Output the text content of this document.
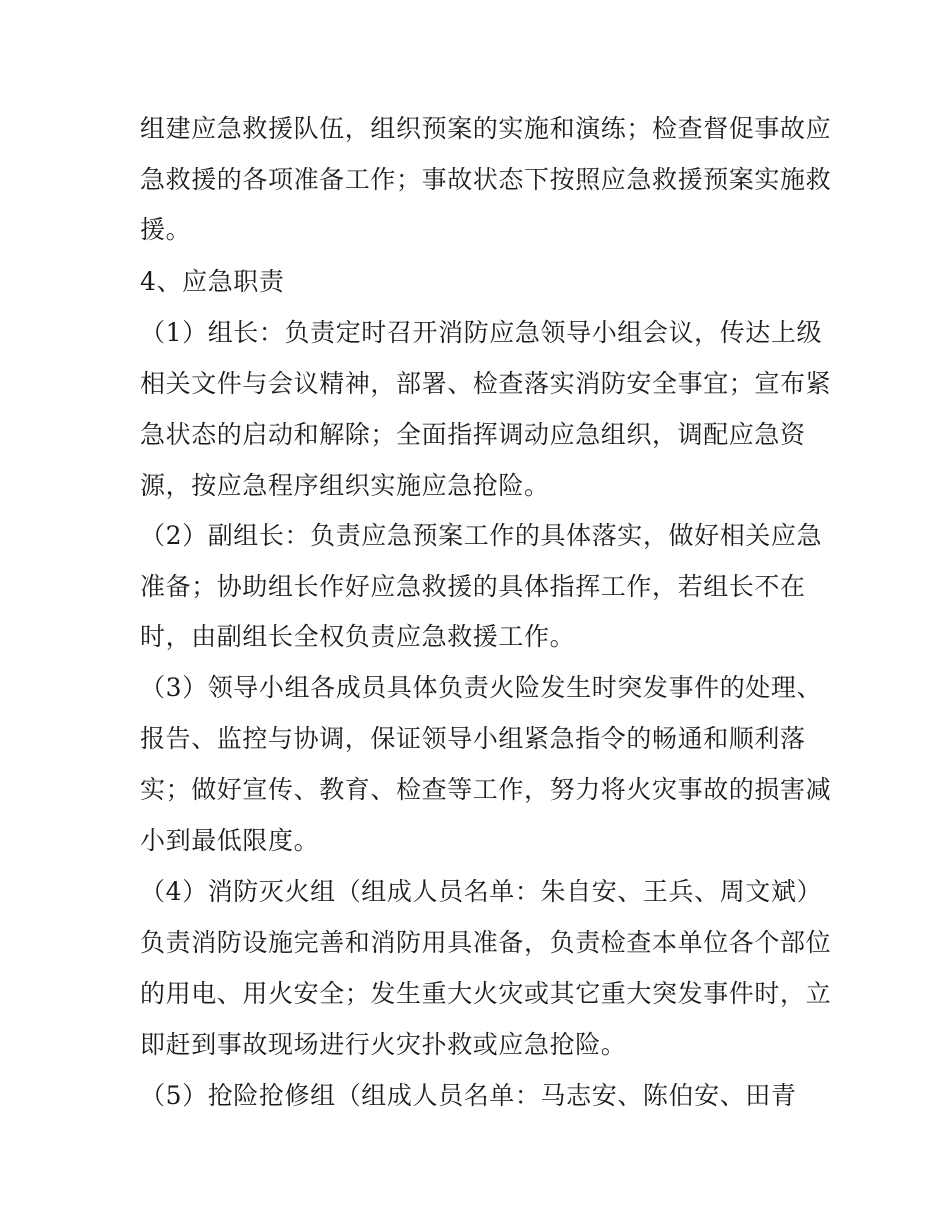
组建应急救援队伍，组织预案的实施和演练；检查督促事故应
急救援的各项准备工作；事故状态下按照应急救援预案实施救
援。
4、应急职责
（1）组长：负责定时召开消防应急领导小组会议，传达上级
相关文件与会议精神，部署、检查落实消防安全事宜；宣布紧
急状态的启动和解除；全面指挥调动应急组织，调配应急资
源，按应急程序组织实施应急抢险。
（2）副组长：负责应急预案工作的具体落实，做好相关应急
准备；协助组长作好应急救援的具体指挥工作，若组长不在
时，由副组长全权负责应急救援工作。
（3）领导小组各成员具体负责火险发生时突发事件的处理、
报告、监控与协调，保证领导小组紧急指令的畅通和顺利落
实；做好宣传、教育、检查等工作，努力将火灾事故的损害减
小到最低限度。
（4）消防灭火组（组成人员名单：朱自安、王兵、周文斌）
负责消防设施完善和消防用具准备，负责检查本单位各个部位
的用电、用火安全；发生重大火灾或其它重大突发事件时，立
即赶到事故现场进行火灾扑救或应急抢险。
（5）抢险抢修组（组成人员名单：马志安、陈伯安、田青
